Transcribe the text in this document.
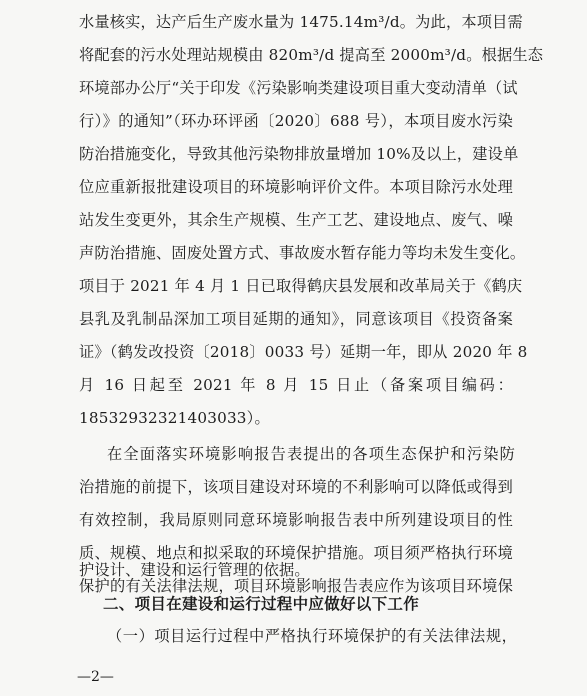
水量核实，达产后生产废水量为 1475.14m³/d。为此，本项目需
将配套的污水处理站规模由 820m³/d 提高至 2000m³/d。根据生态
环境部办公厅“关于印发《污染影响类建设项目重大变动清单（试
行）》的通知”（环办环评函〔2020〕688 号），本项目废水污染
防治措施变化，导致其他污染物排放量增加 10%及以上，建设单
位应重新报批建设项目的环境影响评价文件。本项目除污水处理
站发生变更外，其余生产规模、生产工艺、建设地点、废气、噪
声防治措施、固废处置方式、事故废水暂存能力等均未发生变化。
项目于 2021 年 4 月 1 日已取得鹤庆县发展和改革局关于《鹤庆
县乳及乳制品深加工项目延期的通知》，同意该项目《投资备案
证》（鹤发改投资〔2018〕0033 号）延期一年，即从 2020 年 8
月 16 日起至 2021 年 8 月 15 日止（备案项目编码：
18532932321403033）。
在全面落实环境影响报告表提出的各项生态保护和污染防
治措施的前提下，该项目建设对环境的不利影响可以降低或得到
有效控制，我局原则同意环境影响报告表中所列建设项目的性
质、规模、地点和拟采取的环境保护措施。项目须严格执行环境
保护的有关法律法规，项目环境影响报告表应作为该项目环境保
护设计、建设和运行管理的依据。
二、项目在建设和运行过程中应做好以下工作
（一）项目运行过程中严格执行环境保护的有关法律法规，
—2—
